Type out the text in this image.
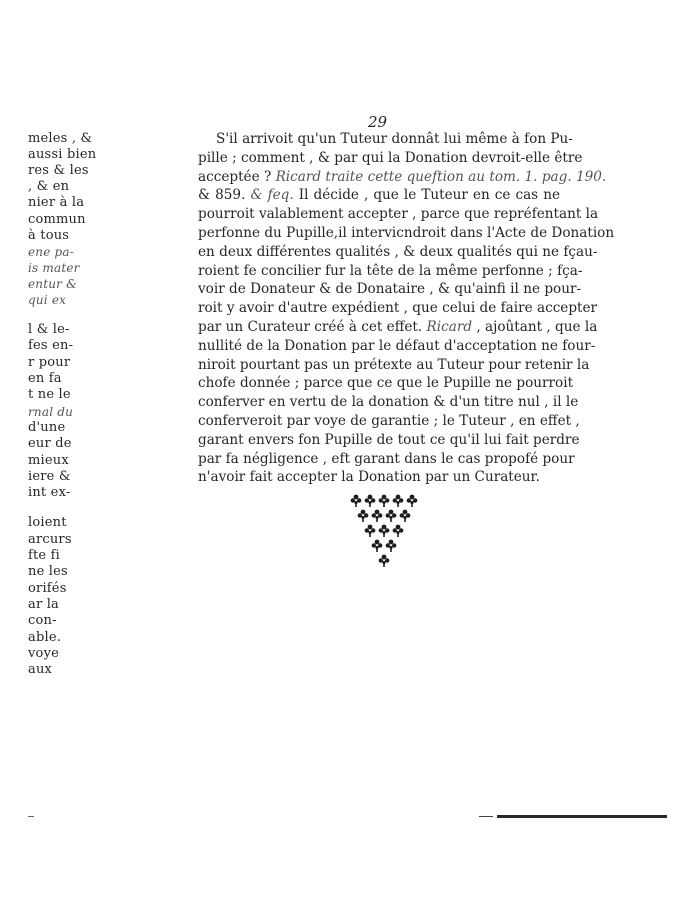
meles , &
aussi bien
res & les
, & en
nier à la
commun
à tous
ene pa-
is mater
entur &
qui ex
l & le-
fes en-
r pour
en fa
t ne le
rnal du
d'une
eur de
mieux
iere &
int ex-
loient
arcurs
fte fi
ne les
orifés
ar la
con-
able.
voye
aux
29
S'il arrivoit qu'un Tuteur donnât lui même à fon Pu-
pille ; comment , & par qui la Donation devroit-elle être
acceptée ? Ricard traite cette queftion au tom. 1. pag. 190.
& 859. & feq. Il décide , que le Tuteur en ce cas ne
pourroit valablement accepter , parce que repréfentant la
perfonne du Pupille,il intervicndroit dans l'Acte de Donation
en deux différentes qualités , & deux qualités qui ne fçau-
roient fe concilier fur la tête de la même perfonne ; fça-
voir de Donateur & de Donataire , & qu'ainfi il ne pour-
roit y avoir d'autre expédient , que celui de faire accepter
par un Curateur créé à cet effet. Ricard , ajoûtant , que la
nullité de la Donation par le défaut d'acceptation ne four-
niroit pourtant pas un prétexte au Tuteur pour retenir la
chofe donnée ; parce que ce que le Pupille ne pourroit
conferver en vertu de la donation & d'un titre nul , il le
conferveroit par voye de garantie ; le Tuteur , en effet ,
garant envers fon Pupille de tout ce qu'il lui fait perdre
par fa négligence , eft garant dans le cas propofé pour
n'avoir fait accepter la Donation par un Curateur.
